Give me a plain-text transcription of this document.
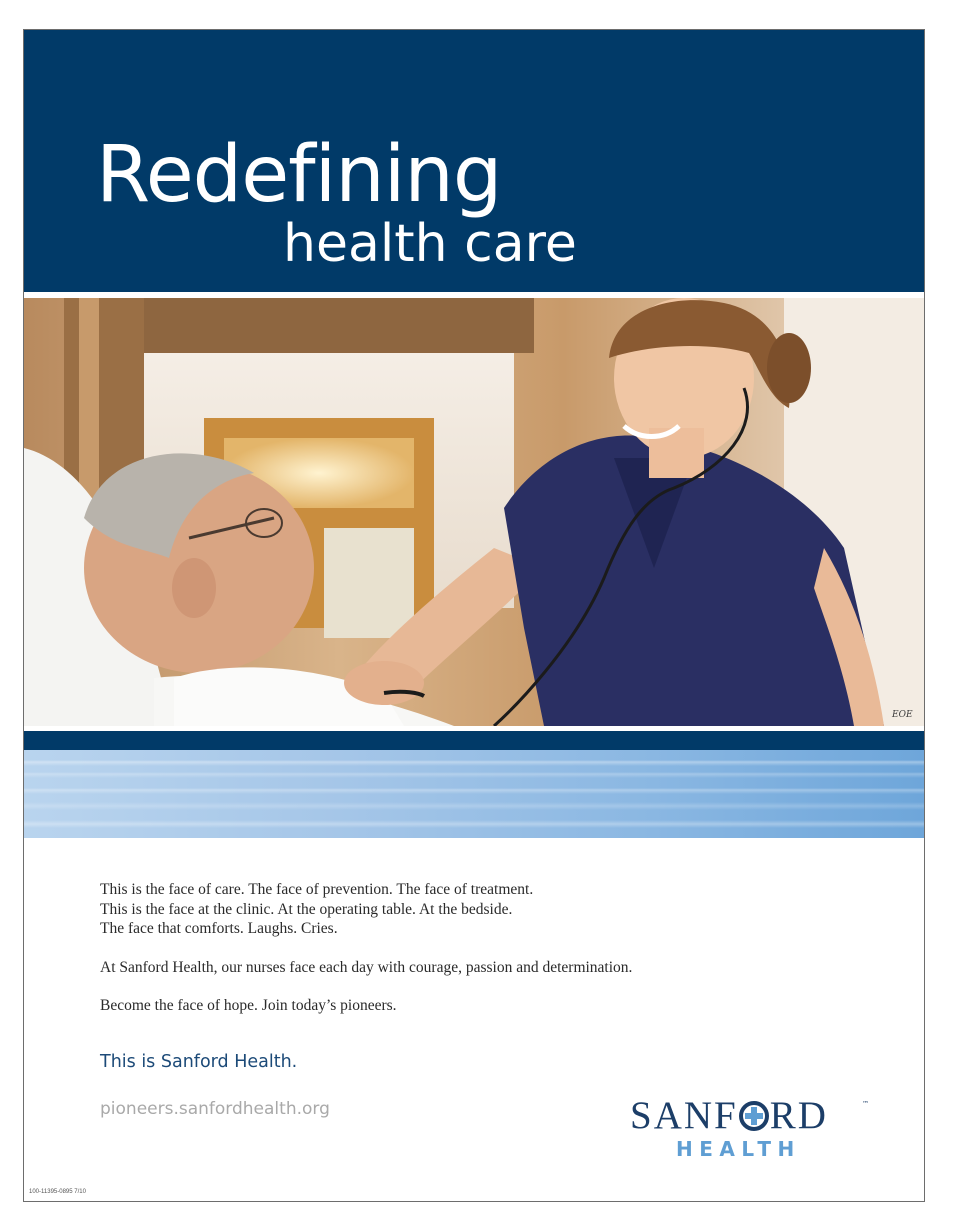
Redefining
health care
EOE

This is the face of care. The face of prevention. The face of treatment.
This is the face at the clinic. At the operating table. At the bedside.
The face that comforts. Laughs. Cries.

At Sanford Health, our nurses face each day with courage, passion and determination.

Become the face of hope. Join today’s pioneers.

This is Sanford Health.
pioneers.sanfordhealth.org	SANF RD	™
HEALTH
100-11395-0895 7/10
